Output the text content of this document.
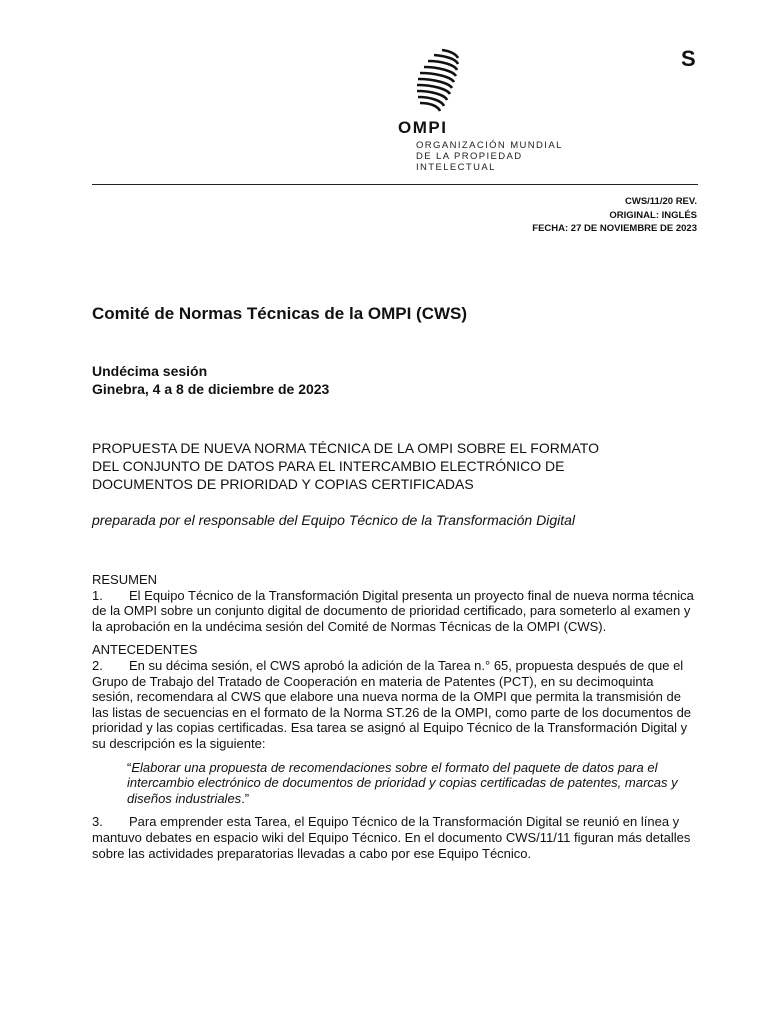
S
OMPI
ORGANIZACIÓN MUNDIAL
DE LA PROPIEDAD
INTELECTUAL
CWS/11/20 REV.
ORIGINAL: INGLÉS
FECHA: 27 DE NOVIEMBRE DE 2023
Comité de Normas Técnicas de la OMPI (CWS)
Undécima sesión
Ginebra, 4 a 8 de diciembre de 2023
PROPUESTA DE NUEVA NORMA TÉCNICA DE LA OMPI SOBRE EL FORMATO
DEL CONJUNTO DE DATOS PARA EL INTERCAMBIO ELECTRÓNICO DE
DOCUMENTOS DE PRIORIDAD Y COPIAS CERTIFICADAS
preparada por el responsable del Equipo Técnico de la Transformación Digital

RESUMEN

1. El Equipo Técnico de la Transformación Digital presenta un proyecto final de nueva norma técnica de la OMPI sobre un conjunto digital de documento de prioridad certificado, para someterlo al examen y la aprobación en la undécima sesión del Comité de Normas Técnicas de la OMPI (CWS).

ANTECEDENTES

2. En su décima sesión, el CWS aprobó la adición de la Tarea n.° 65, propuesta después de que el Grupo de Trabajo del Tratado de Cooperación en materia de Patentes (PCT), en su decimoquinta sesión, recomendara al CWS que elabore una nueva norma de la OMPI que permita la transmisión de las listas de secuencias en el formato de la Norma ST.26 de la OMPI, como parte de los documentos de prioridad y las copias certificadas. Esa tarea se asignó al Equipo Técnico de la Transformación Digital y su descripción es la siguiente:

“Elaborar una propuesta de recomendaciones sobre el formato del paquete de datos para el intercambio electrónico de documentos de prioridad y copias certificadas de patentes, marcas y diseños industriales.”

3. Para emprender esta Tarea, el Equipo Técnico de la Transformación Digital se reunió en línea y mantuvo debates en espacio wiki del Equipo Técnico. En el documento CWS/11/11 figuran más detalles sobre las actividades preparatorias llevadas a cabo por ese Equipo Técnico.
